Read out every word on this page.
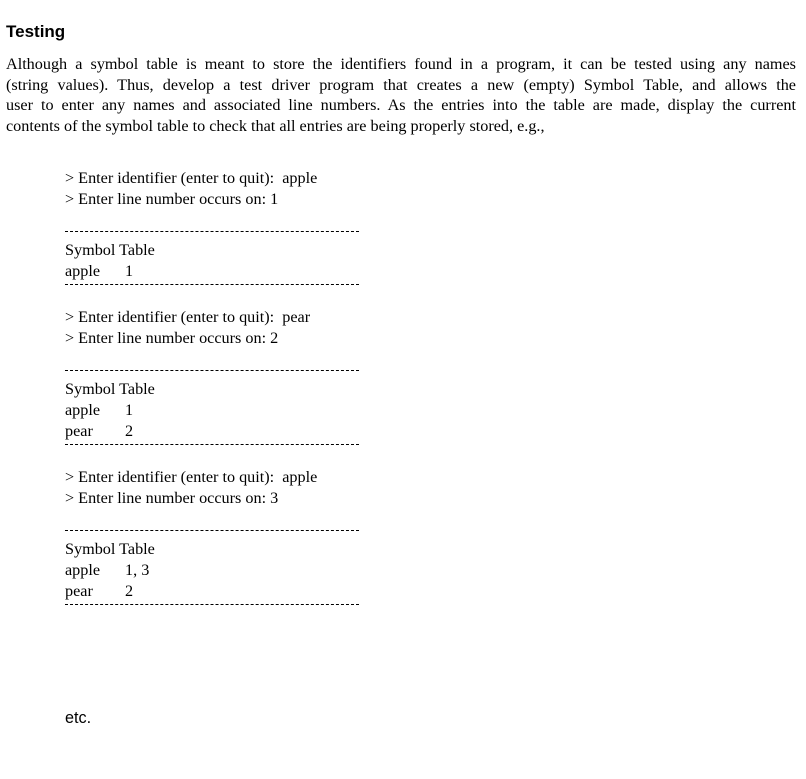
Testing
Although a symbol table is meant to store the identifiers found in a program, it can be tested using any names
(string values). Thus, develop a test driver program that creates a new (empty) Symbol Table, and allows the
user to enter any names and associated line numbers. As the entries into the table are made, display the current
contents of the symbol table to check that all entries are being properly stored, e.g.,
> Enter identifier (enter to quit):  apple
> Enter line number occurs on: 1
Symbol Table
apple	1
> Enter identifier (enter to quit):  pear
> Enter line number occurs on: 2
Symbol Table
apple	1
pear	2
> Enter identifier (enter to quit):  apple
> Enter line number occurs on: 3
Symbol Table
apple	1, 3
pear	2
etc.
